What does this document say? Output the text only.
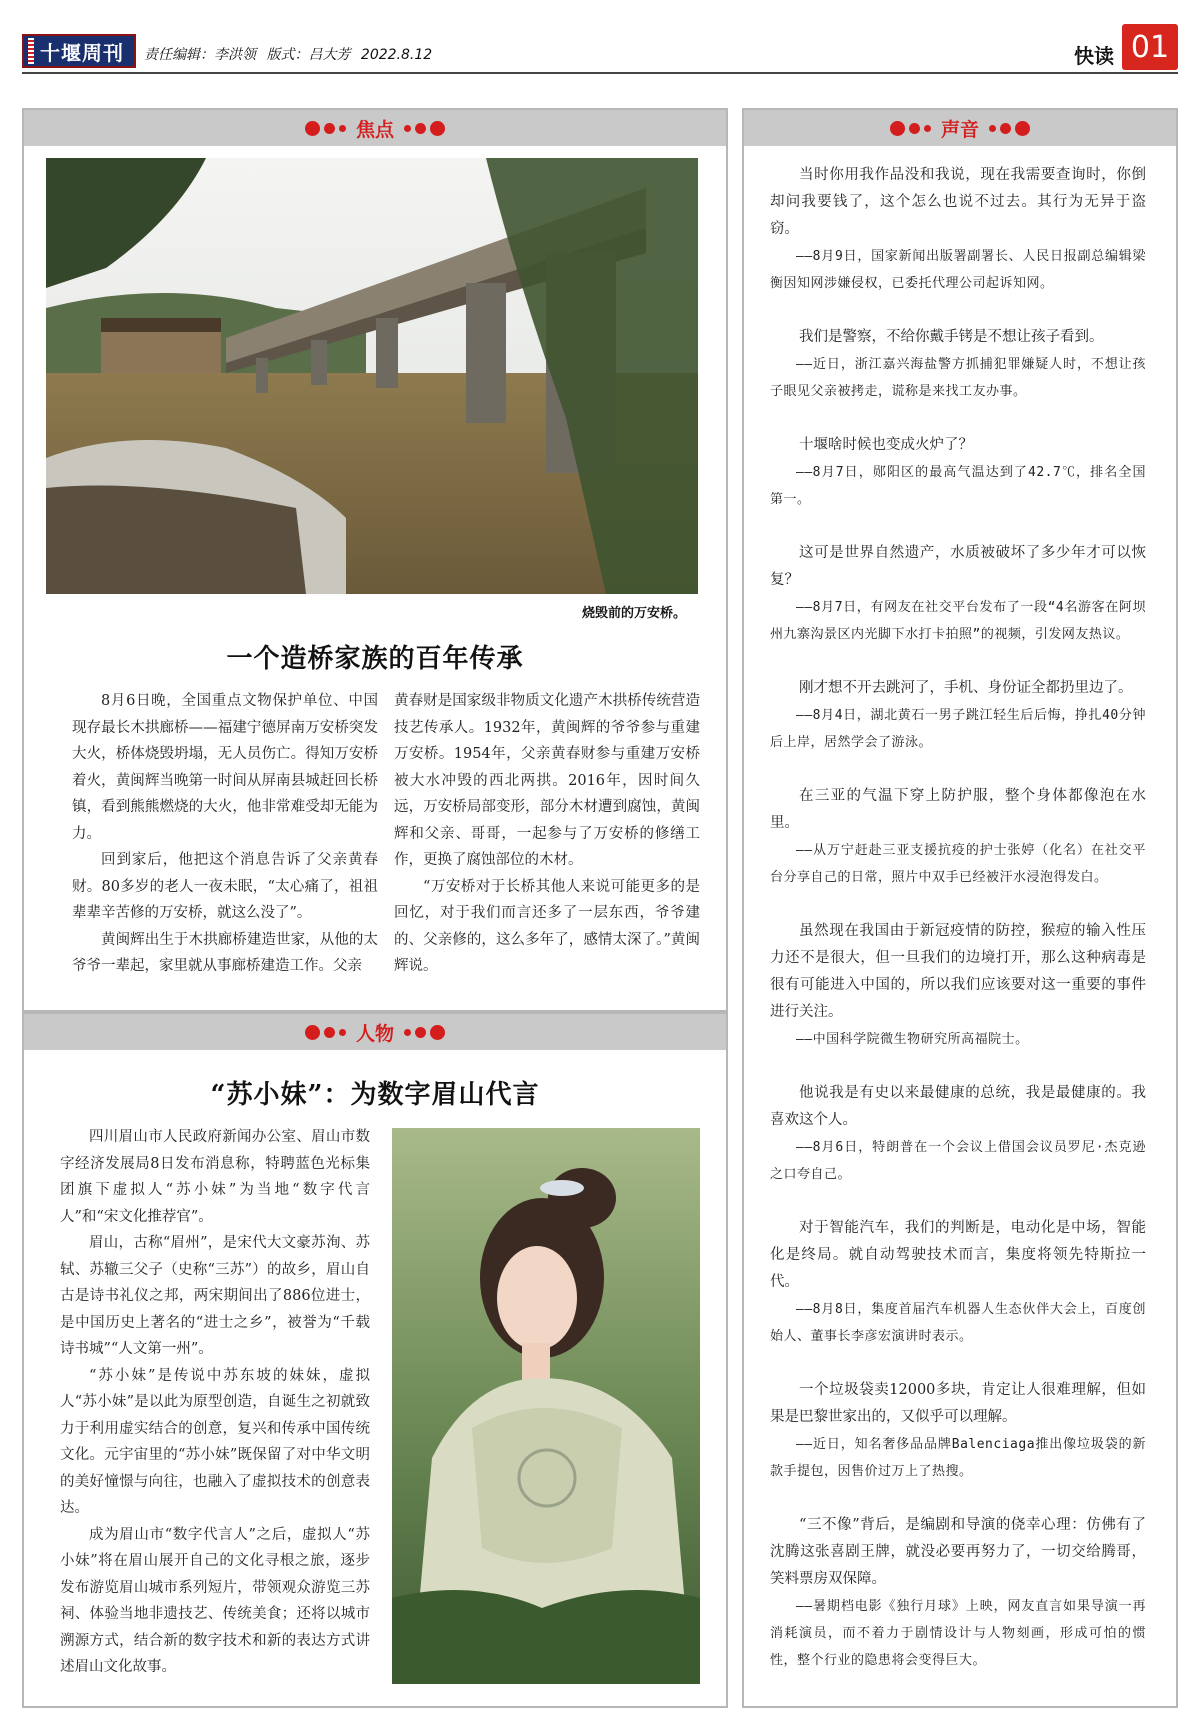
十堰周刊 责任编辑：李洪领 版式：吕大芳 2022.8.12	快读 01
焦点
烧毁前的万安桥。
一个造桥家族的百年传承

8月6日晚，全国重点文物保护单位、中国现存最长木拱廊桥——福建宁德屏南万安桥突发大火，桥体烧毁坍塌，无人员伤亡。得知万安桥着火，黄闽辉当晚第一时间从屏南县城赶回长桥镇，看到熊熊燃烧的大火，他非常难受却无能为力。

回到家后，他把这个消息告诉了父亲黄春财。80多岁的老人一夜未眠，“太心痛了，祖祖辈辈辛苦修的万安桥，就这么没了”。

黄闽辉出生于木拱廊桥建造世家，从他的太爷爷一辈起，家里就从事廊桥建造工作。父亲

黄春财是国家级非物质文化遗产木拱桥传统营造技艺传承人。1932年，黄闽辉的爷爷参与重建万安桥。1954年，父亲黄春财参与重建万安桥被大水冲毁的西北两拱。2016年，因时间久远，万安桥局部变形，部分木材遭到腐蚀，黄闽辉和父亲、哥哥，一起参与了万安桥的修缮工作，更换了腐蚀部位的木材。

“万安桥对于长桥其他人来说可能更多的是回忆，对于我们而言还多了一层东西，爷爷建的、父亲修的，这么多年了，感情太深了。”黄闽辉说。

人物
“苏小妹”：为数字眉山代言

四川眉山市人民政府新闻办公室、眉山市数字经济发展局8日发布消息称，特聘蓝色光标集团旗下虚拟人“苏小妹”为当地“数字代言人”和“宋文化推荐官”。

眉山，古称“眉州”，是宋代大文豪苏洵、苏轼、苏辙三父子（史称“三苏”）的故乡，眉山自古是诗书礼仪之邦，两宋期间出了886位进士，是中国历史上著名的“进士之乡”，被誉为“千载诗书城”“人文第一州”。

“苏小妹”是传说中苏东坡的妹妹，虚拟人“苏小妹”是以此为原型创造，自诞生之初就致力于利用虚实结合的创意，复兴和传承中国传统文化。元宇宙里的“苏小妹”既保留了对中华文明的美好憧憬与向往，也融入了虚拟技术的创意表达。

成为眉山市“数字代言人”之后，虚拟人“苏小妹”将在眉山展开自己的文化寻根之旅，逐步发布游览眉山城市系列短片，带领观众游览三苏祠、体验当地非遗技艺、传统美食；还将以城市溯源方式，结合新的数字技术和新的表达方式讲述眉山文化故事。

声音

当时你用我作品没和我说，现在我需要查询时，你倒却问我要钱了，这个怎么也说不过去。其行为无异于盗窃。

——8月9日，国家新闻出版署副署长、人民日报副总编辑梁衡因知网涉嫌侵权，已委托代理公司起诉知网。

我们是警察，不给你戴手铐是不想让孩子看到。

——近日，浙江嘉兴海盐警方抓捕犯罪嫌疑人时，不想让孩子眼见父亲被拷走，谎称是来找工友办事。

十堰啥时候也变成火炉了？

——8月7日，郧阳区的最高气温达到了42.7℃，排名全国第一。

这可是世界自然遗产，水质被破坏了多少年才可以恢复？

——8月7日，有网友在社交平台发布了一段“4名游客在阿坝州九寨沟景区内光脚下水打卡拍照”的视频，引发网友热议。

刚才想不开去跳河了，手机、身份证全都扔里边了。

——8月4日，湖北黄石一男子跳江轻生后后悔，挣扎40分钟后上岸，居然学会了游泳。

在三亚的气温下穿上防护服，整个身体都像泡在水里。

——从万宁赶赴三亚支援抗疫的护士张婷（化名）在社交平台分享自己的日常，照片中双手已经被汗水浸泡得发白。

虽然现在我国由于新冠疫情的防控，猴痘的输入性压力还不是很大，但一旦我们的边境打开，那么这种病毒是很有可能进入中国的，所以我们应该要对这一重要的事件进行关注。

——中国科学院微生物研究所高福院士。

他说我是有史以来最健康的总统，我是最健康的。我喜欢这个人。

——8月6日，特朗普在一个会议上借国会议员罗尼·杰克逊之口夸自己。

对于智能汽车，我们的判断是，电动化是中场，智能化是终局。就自动驾驶技术而言，集度将领先特斯拉一代。

——8月8日，集度首届汽车机器人生态伙伴大会上，百度创始人、董事长李彦宏演讲时表示。

一个垃圾袋卖12000多块，肯定让人很难理解，但如果是巴黎世家出的，又似乎可以理解。

——近日，知名奢侈品品牌Balenciaga推出像垃圾袋的新款手提包，因售价过万上了热搜。

“三不像”背后，是编剧和导演的侥幸心理：仿佛有了沈腾这张喜剧王牌，就没必要再努力了，一切交给腾哥，笑料票房双保障。

——暑期档电影《独行月球》上映，网友直言如果导演一再消耗演员，而不着力于剧情设计与人物刻画，形成可怕的惯性，整个行业的隐患将会变得巨大。
